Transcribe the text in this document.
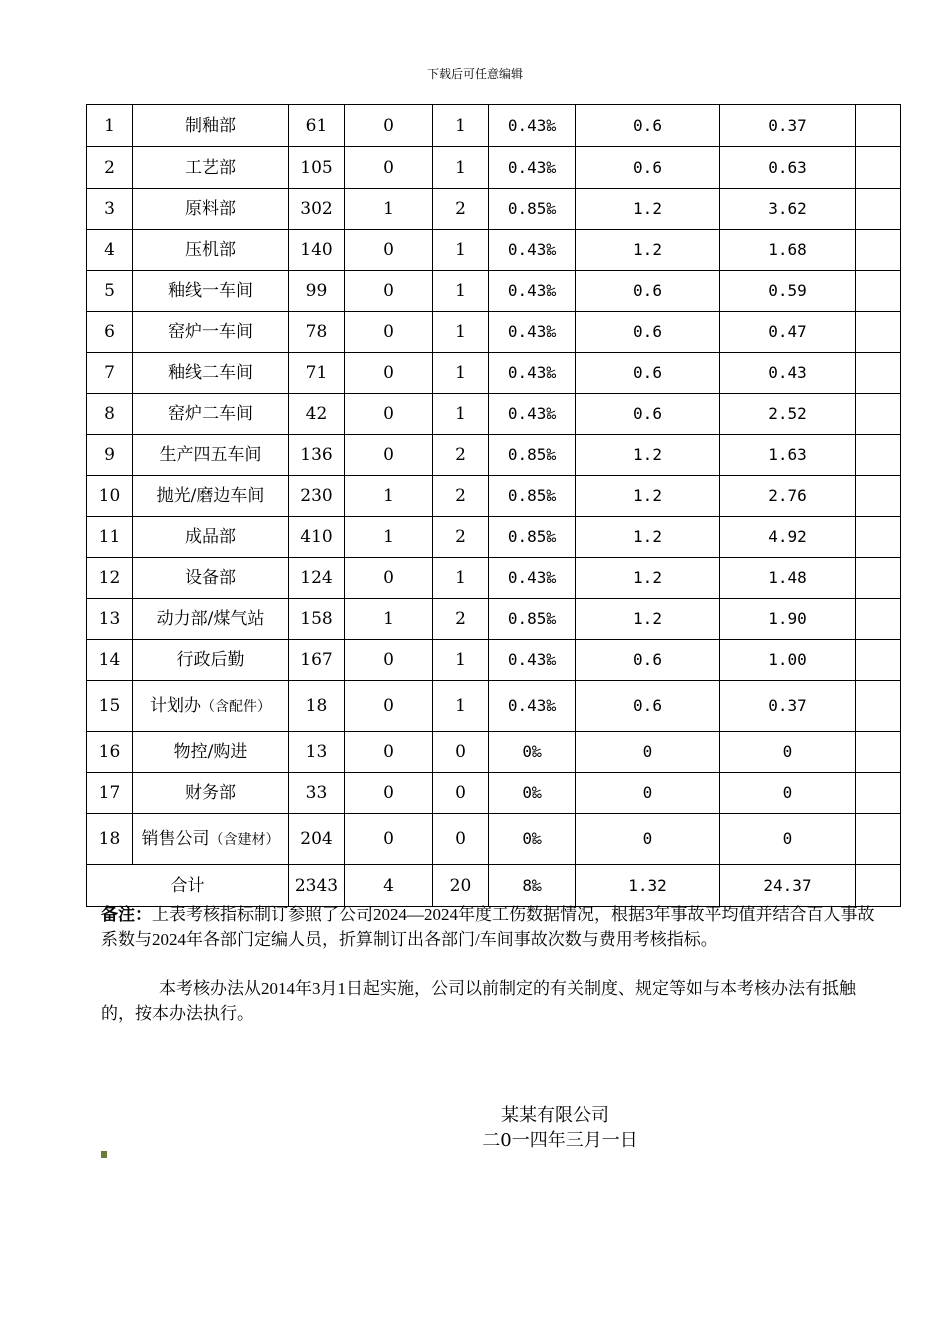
下载后可任意编辑
1	制釉部	61	0	1	0.43‰	0.6	0.37	
2	工艺部	105	0	1	0.43‰	0.6	0.63	
3	原料部	302	1	2	0.85‰	1.2	3.62	
4	压机部	140	0	1	0.43‰	1.2	1.68	
5	釉线一车间	99	0	1	0.43‰	0.6	0.59	
6	窑炉一车间	78	0	1	0.43‰	0.6	0.47	
7	釉线二车间	71	0	1	0.43‰	0.6	0.43	
8	窑炉二车间	42	0	1	0.43‰	0.6	2.52	
9	生产四五车间	136	0	2	0.85‰	1.2	1.63	
10	抛光/磨边车间	230	1	2	0.85‰	1.2	2.76	
11	成品部	410	1	2	0.85‰	1.2	4.92	
12	设备部	124	0	1	0.43‰	1.2	1.48	
13	动力部/煤气站	158	1	2	0.85‰	1.2	1.90	
14	行政后勤	167	0	1	0.43‰	0.6	1.00	
15	计划办（含配件）	18	0	1	0.43‰	0.6	0.37	
16	物控/购进	13	0	0	0‰	0	0	
17	财务部	33	0	0	0‰	0	0	
18	销售公司（含建材）	204	0	0	0‰	0	0	
合计		2343	4	20	8‰	1.32	24.37	
备注：上表考核指标制订参照了公司2024—2024年度工伤数据情况，根据3年事故平均值并结合百人事故系数与2024年各部门定编人员，折算制订出各部门/车间事故次数与费用考核指标。
本考核办法从2014年3月1日起实施，公司以前制定的有关制度、规定等如与本考核办法有抵触的，按本办法执行。
某某有限公司
二0一四年三月一日
